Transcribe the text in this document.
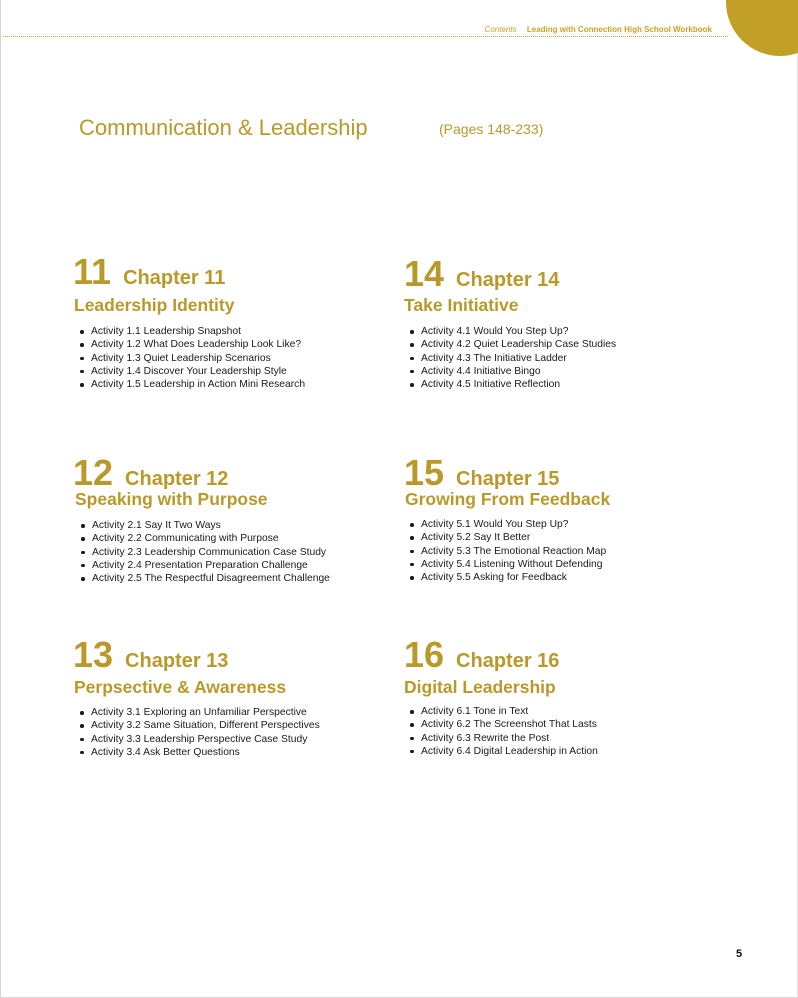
Contents Leading with Connection High School Workbook
Communication & Leadership	(Pages 148-233)
11 Chapter 11
Leadership Identity
Activity 1.1 Leadership Snapshot
Activity 1.2 What Does Leadership Look Like?
Activity 1.3 Quiet Leadership Scenarios
Activity 1.4 Discover Your Leadership Style
Activity 1.5 Leadership in Action Mini Research
12 Chapter 12
Speaking with Purpose
Activity 2.1 Say It Two Ways
Activity 2.2 Communicating with Purpose
Activity 2.3 Leadership Communication Case Study
Activity 2.4 Presentation Preparation Challenge
Activity 2.5 The Respectful Disagreement Challenge
13 Chapter 13
Perpsective & Awareness
Activity 3.1 Exploring an Unfamiliar Perspective
Activity 3.2 Same Situation, Different Perspectives
Activity 3.3 Leadership Perspective Case Study
Activity 3.4 Ask Better Questions
14 Chapter 14
Take Initiative
Activity 4.1 Would You Step Up?
Activity 4.2 Quiet Leadership Case Studies
Activity 4.3 The Initiative Ladder
Activity 4.4 Initiative Bingo
Activity 4.5 Initiative Reflection
15 Chapter 15
Growing From Feedback
Activity 5.1 Would You Step Up?
Activity 5.2 Say It Better
Activity 5.3 The Emotional Reaction Map
Activity 5.4 Listening Without Defending
Activity 5.5 Asking for Feedback
16 Chapter 16
Digital Leadership
Activity 6.1 Tone in Text
Activity 6.2 The Screenshot That Lasts
Activity 6.3 Rewrite the Post
Activity 6.4 Digital Leadership in Action
5
